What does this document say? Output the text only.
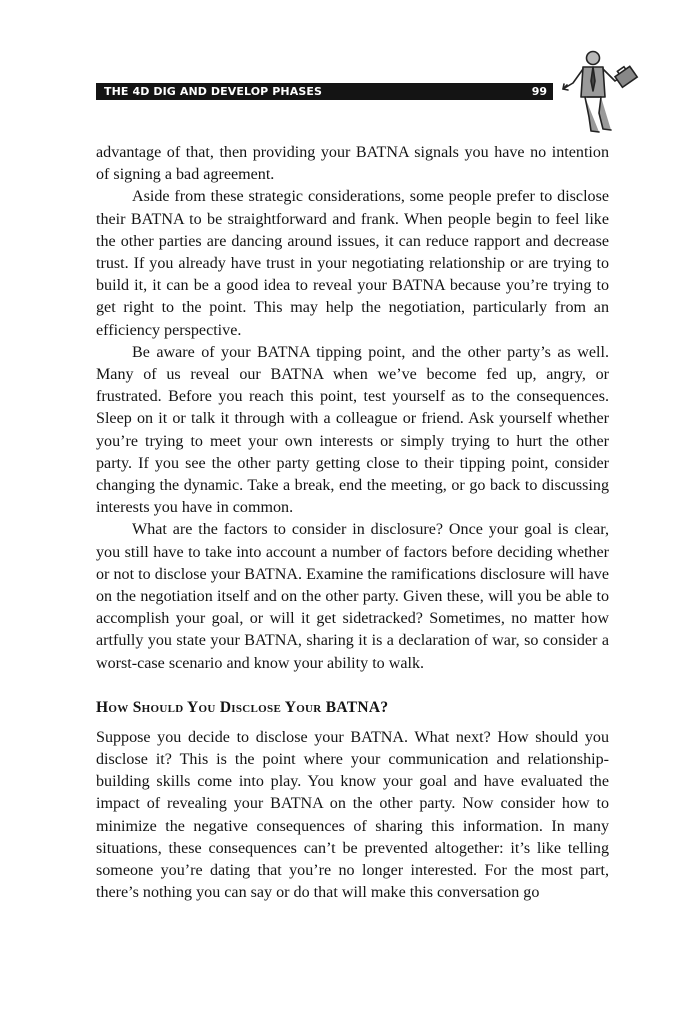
THE 4D DIG AND DEVELOP PHASES	99

advantage of that, then providing your BATNA signals you have no intention of signing a bad agreement.

Aside from these strategic considerations, some people prefer to disclose their BATNA to be straightforward and frank. When people begin to feel like the other parties are dancing around issues, it can reduce rapport and decrease trust. If you already have trust in your negotiating relationship or are trying to build it, it can be a good idea to reveal your BATNA because you’re trying to get right to the point. This may help the negotiation, particularly from an efficiency perspective.

Be aware of your BATNA tipping point, and the other party’s as well. Many of us reveal our BATNA when we’ve become fed up, angry, or frustrated. Before you reach this point, test yourself as to the consequences. Sleep on it or talk it through with a colleague or friend. Ask yourself whether you’re trying to meet your own interests or simply trying to hurt the other party. If you see the other party getting close to their tipping point, consider changing the dynamic. Take a break, end the meeting, or go back to discussing interests you have in common.

What are the factors to consider in disclosure? Once your goal is clear, you still have to take into account a number of factors before deciding whether or not to disclose your BATNA. Examine the ramifications disclosure will have on the negotiation itself and on the other party. Given these, will you be able to accomplish your goal, or will it get sidetracked? Sometimes, no matter how artfully you state your BATNA, sharing it is a declaration of war, so consider a worst-case scenario and know your ability to walk.

How Should You Disclose Your BATNA?

Suppose you decide to disclose your BATNA. What next? How should you disclose it? This is the point where your communication and relationship-building skills come into play. You know your goal and have evaluated the impact of revealing your BATNA on the other party. Now consider how to minimize the negative consequences of sharing this information. In many situations, these consequences can’t be prevented altogether: it’s like telling someone you’re dating that you’re no longer interested. For the most part, there’s nothing you can say or do that will make this conversation go
